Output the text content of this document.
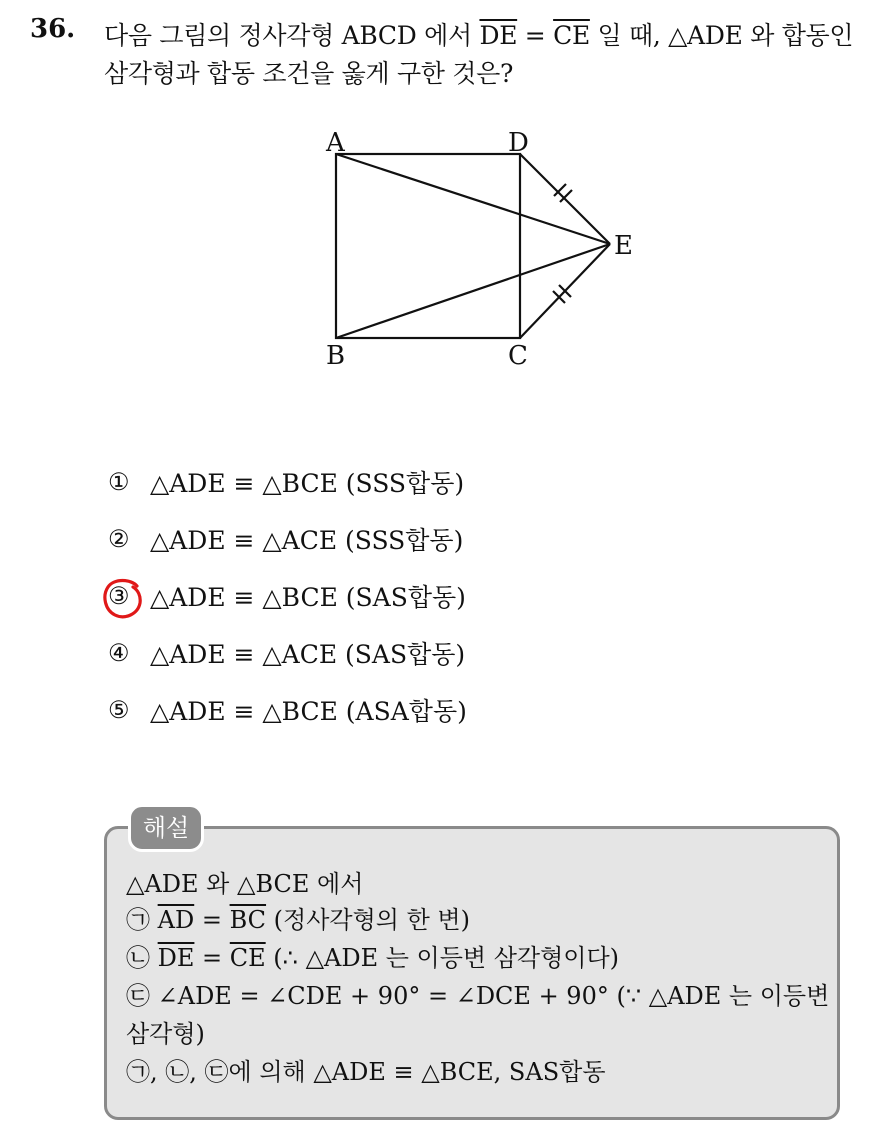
36. 다음 그림의 정사각형 ABCD 에서 $\overline{DE} = \overline{CE}$ 일 때, △ADE 와 합동인
삼각형과 합동 조건을 옳게 구한 것은?
A	D
E
B	C
① △ADE ≡ △BCE (SSS합동)
② △ADE ≡ △ACE (SSS합동)
③ △ADE ≡ △BCE (SAS합동)
④ △ADE ≡ △ACE (SAS합동)
⑤ △ADE ≡ △BCE (ASA합동)
해설
△ADE 와 △BCE 에서
㉠ $\overline{AD} = \overline{BC}$ (정사각형의 한 변)
㉡ $\overline{DE} = \overline{CE}$ (∴ △ADE 는 이등변 삼각형이다)
㉢ ∠ADE = ∠CDE + 90° = ∠DCE + 90° (∵ △ADE 는 이등변
삼각형)
㉠, ㉡, ㉢에 의해 △ADE ≡ △BCE, SAS합동
